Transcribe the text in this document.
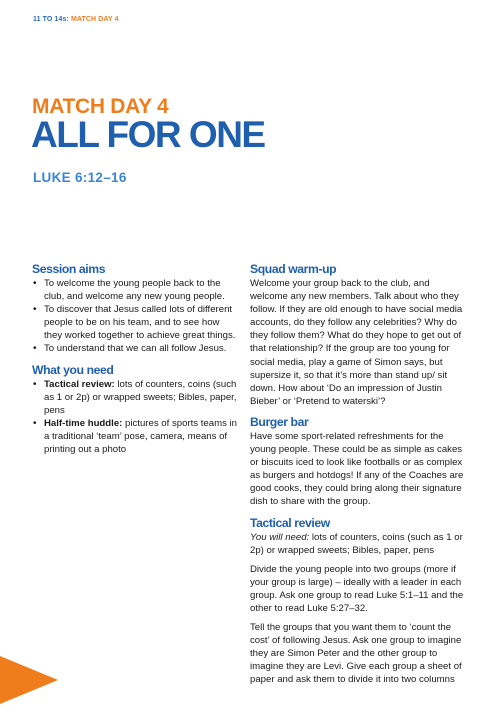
11 TO 14s: MATCH DAY 4
MATCH DAY 4
ALL FOR ONE
LUKE 6:12–16
Session aims
• To welcome the young people back to the club, and welcome any new young people.
• To discover that Jesus called lots of different people to be on his team, and to see how they worked together to achieve great things.
• To understand that we can all follow Jesus.
What you need
• Tactical review: lots of counters, coins (such as 1 or 2p) or wrapped sweets; Bibles, paper, pens
• Half-time huddle: pictures of sports teams in a traditional ‘team’ pose, camera, means of printing out a photo
Squad warm-up

Welcome your group back to the club, and welcome any new members. Talk about who they follow. If they are old enough to have social media accounts, do they follow any celebrities? Why do they follow them? What do they hope to get out of that relationship? If the group are too young for social media, play a game of Simon says, but supersize it, so that it’s more than stand up/ sit down. How about ‘Do an impression of Justin Bieber’ or ‘Pretend to waterski’?

Burger bar

Have some sport-related refreshments for the young people. These could be as simple as cakes or biscuits iced to look like footballs or as complex as burgers and hotdogs! If any of the Coaches are good cooks, they could bring along their signature dish to share with the group.

Tactical review

You will need: lots of counters, coins (such as 1 or 2p) or wrapped sweets; Bibles, paper, pens

Divide the young people into two groups (more if your group is large) – ideally with a leader in each group. Ask one group to read Luke 5:1–11 and the other to read Luke 5:27–32.

Tell the groups that you want them to ‘count the cost’ of following Jesus. Ask one group to imagine they are Simon Peter and the other group to imagine they are Levi. Give each group a sheet of paper and ask them to divide it into two columns
